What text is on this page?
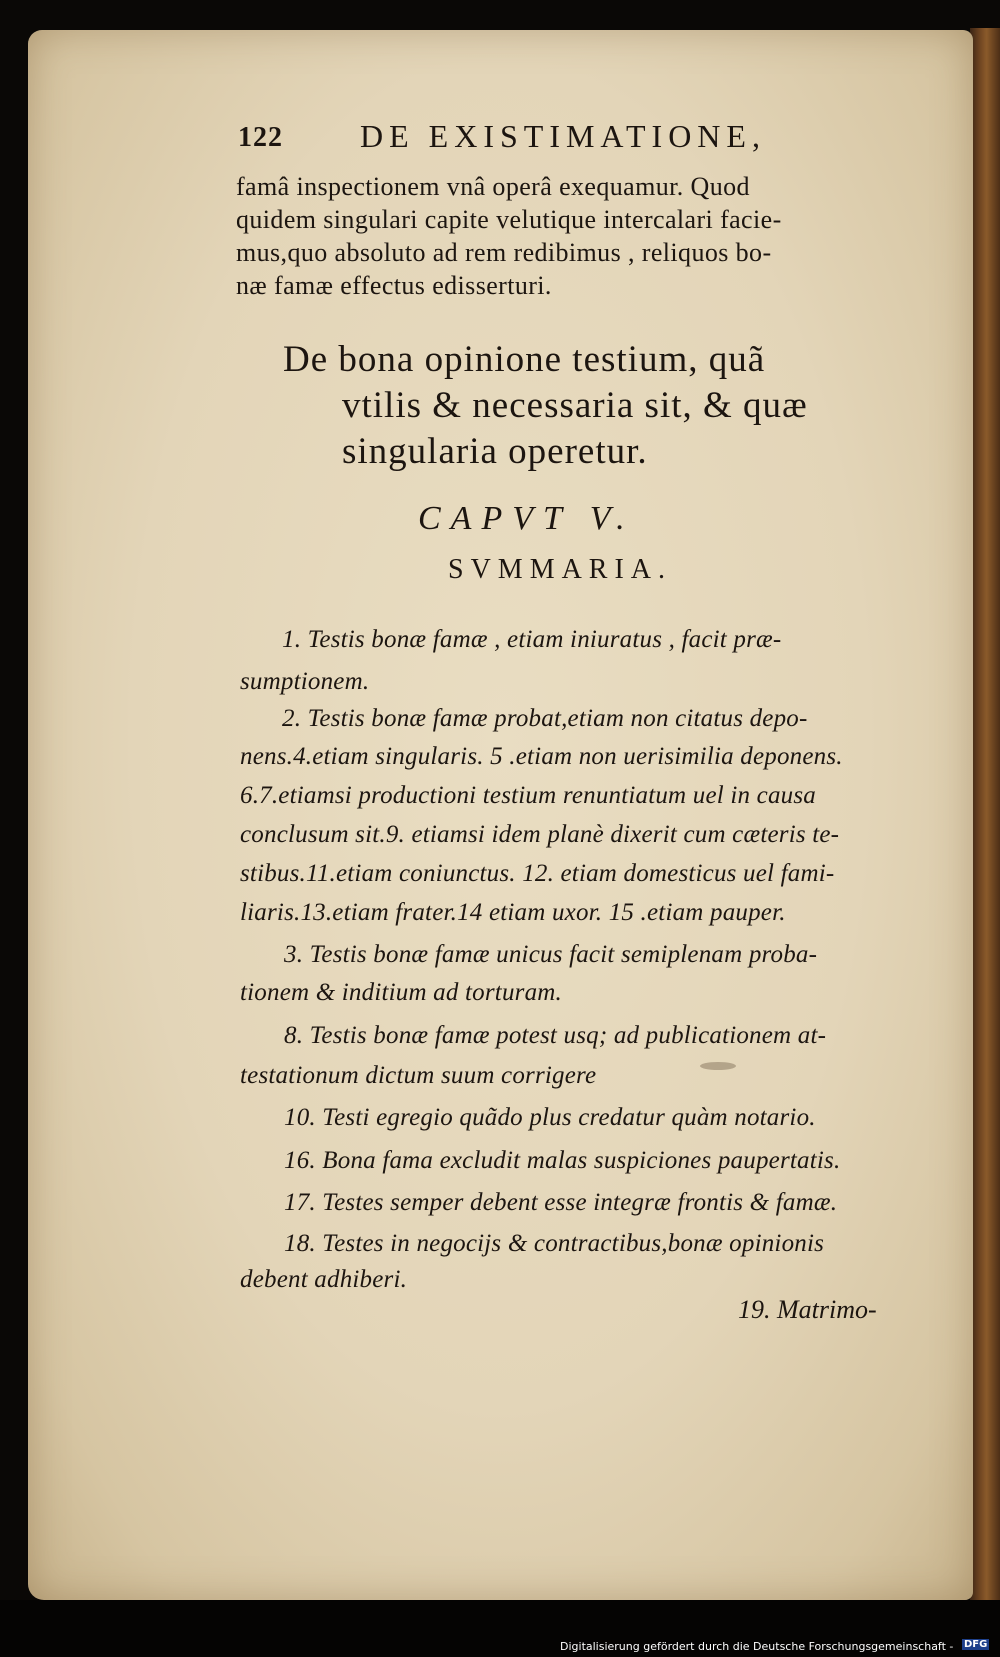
122 DE EXISTIMATIONE,
famâ inspectionem vnâ operâ exequamur. Quod
quidem singulari capite velutique intercalari facie-
mus,quo absoluto ad rem redibimus , reliquos bo-
næ famæ effectus edisserturi.
De bona opinione testium, quã
vtilis & necessaria sit, & quæ
singularia operetur.
CAPVT V.
SVMMARIA.
1. Testis bonæ famæ , etiam iniuratus , facit præ-
sumptionem.
2. Testis bonæ famæ probat,etiam non citatus depo-
nens.4.etiam singularis. 5 .etiam non uerisimilia deponens.
6.7.etiamsi productioni testium renuntiatum uel in causa
conclusum sit.9. etiamsi idem planè dixerit cum cæteris te-
stibus.11.etiam coniunctus. 12. etiam domesticus uel fami-
liaris.13.etiam frater.14 etiam uxor. 15 .etiam pauper.
3. Testis bonæ famæ unicus facit semiplenam proba-
tionem & inditium ad torturam.
8. Testis bonæ famæ potest usq; ad publicationem at-
testationum dictum suum corrigere
10. Testi egregio quãdo plus credatur quàm notario.
16. Bona fama excludit malas suspiciones paupertatis.
17. Testes semper debent esse integræ frontis & famæ.
18. Testes in negocijs & contractibus,bonæ opinionis
debent adhiberi.
19. Matrimo-
Digitalisierung gefördert durch die Deutsche Forschungsgemeinschaft - DFG
